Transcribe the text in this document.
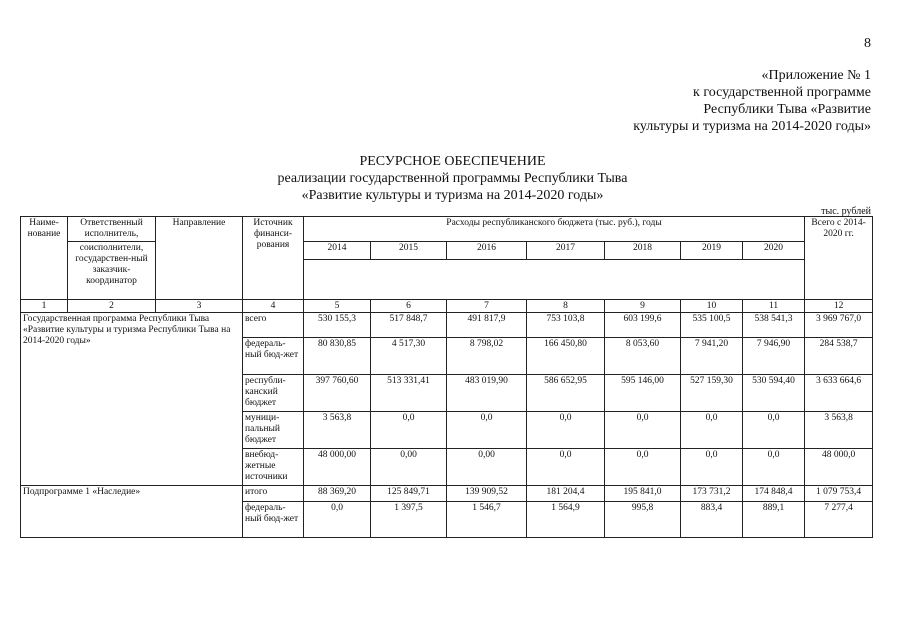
8
«Приложение № 1
к государственной программе
Республики Тыва «Развитие
культуры и туризма на 2014-2020 годы»
РЕСУРСНОЕ ОБЕСПЕЧЕНИЕ
реализации государственной программы Республики Тыва
«Развитие культуры и туризма на 2014-2020 годы»
тыс. рублей
Наиме-нование	Ответственный исполнитель,	Направление	Источник финанси-рования	Расходы республиканского бюджета (тыс. руб.), годы							Всего с 2014-2020 гг.
	соисполнители, государствен-ный заказчик-координатор			2014	2015	2016	2017	2018	2019	2020	

1	2	3	4	5	6	7	8	9	10	11	12
Государственная программа Республики Тыва «Развитие культуры и туризма Республики Тыва на 2014-2020 годы»			всего	530 155,3	517 848,7	491 817,9	753 103,8	603 199,6	535 100,5	538 541,3	3 969 767,0
			федераль-ный бюд-жет	80 830,85	4 517,30	8 798,02	166 450,80	8 053,60	7 941,20	7 946,90	284 538,7
			республи-канский бюджет	397 760,60	513 331,41	483 019,90	586 652,95	595 146,00	527 159,30	530 594,40	3 633 664,6
			муници-пальный бюджет	3 563,8	0,0	0,0	0,0	0,0	0,0	0,0	3 563,8
			внебюд-жетные источники	48 000,00	0,00	0,00	0,0	0,0	0,0	0,0	48 000,0
Подпрограмме 1 «Наследие»			итого	88 369,20	125 849,71	139 909,52	181 204,4	195 841,0	173 731,2	174 848,4	1 079 753,4
			федераль-ный бюд-жет	0,0	1 397,5	1 546,7	1 564,9	995,8	883,4	889,1	7 277,4
